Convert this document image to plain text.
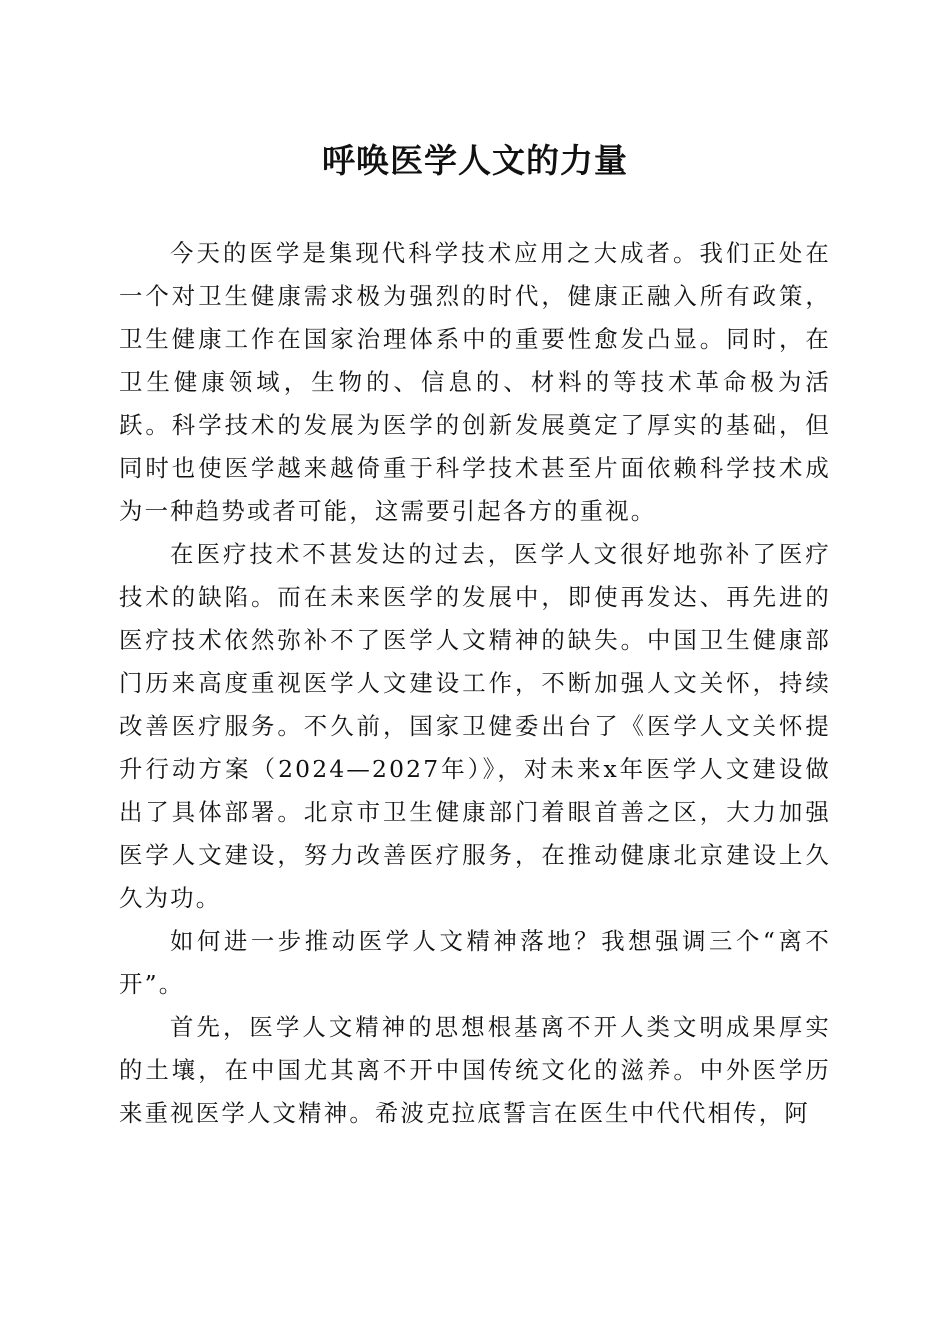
呼唤医学人文的力量

今天的医学是集现代科学技术应用之大成者。我们正处在一个对卫生健康需求极为强烈的时代，健康正融入所有政策，卫生健康工作在国家治理体系中的重要性愈发凸显。同时，在卫生健康领域，生物的、信息的、材料的等技术革命极为活跃。科学技术的发展为医学的创新发展奠定了厚实的基础，但同时也使医学越来越倚重于科学技术甚至片面依赖科学技术成为一种趋势或者可能，这需要引起各方的重视。

在医疗技术不甚发达的过去，医学人文很好地弥补了医疗技术的缺陷。而在未来医学的发展中，即使再发达、再先进的医疗技术依然弥补不了医学人文精神的缺失。中国卫生健康部门历来高度重视医学人文建设工作，不断加强人文关怀，持续改善医疗服务。不久前，国家卫健委出台了《医学人文关怀提升行动方案（2024—2027年）》，对未来x年医学人文建设做出了具体部署。北京市卫生健康部门着眼首善之区，大力加强医学人文建设，努力改善医疗服务，在推动健康北京建设上久久为功。

如何进一步推动医学人文精神落地？我想强调三个“离不开”。

首先，医学人文精神的思想根基离不开人类文明成果厚实的土壤，在中国尤其离不开中国传统文化的滋养。中外医学历来重视医学人文精神。希波克拉底誓言在医生中代代相传，阿
